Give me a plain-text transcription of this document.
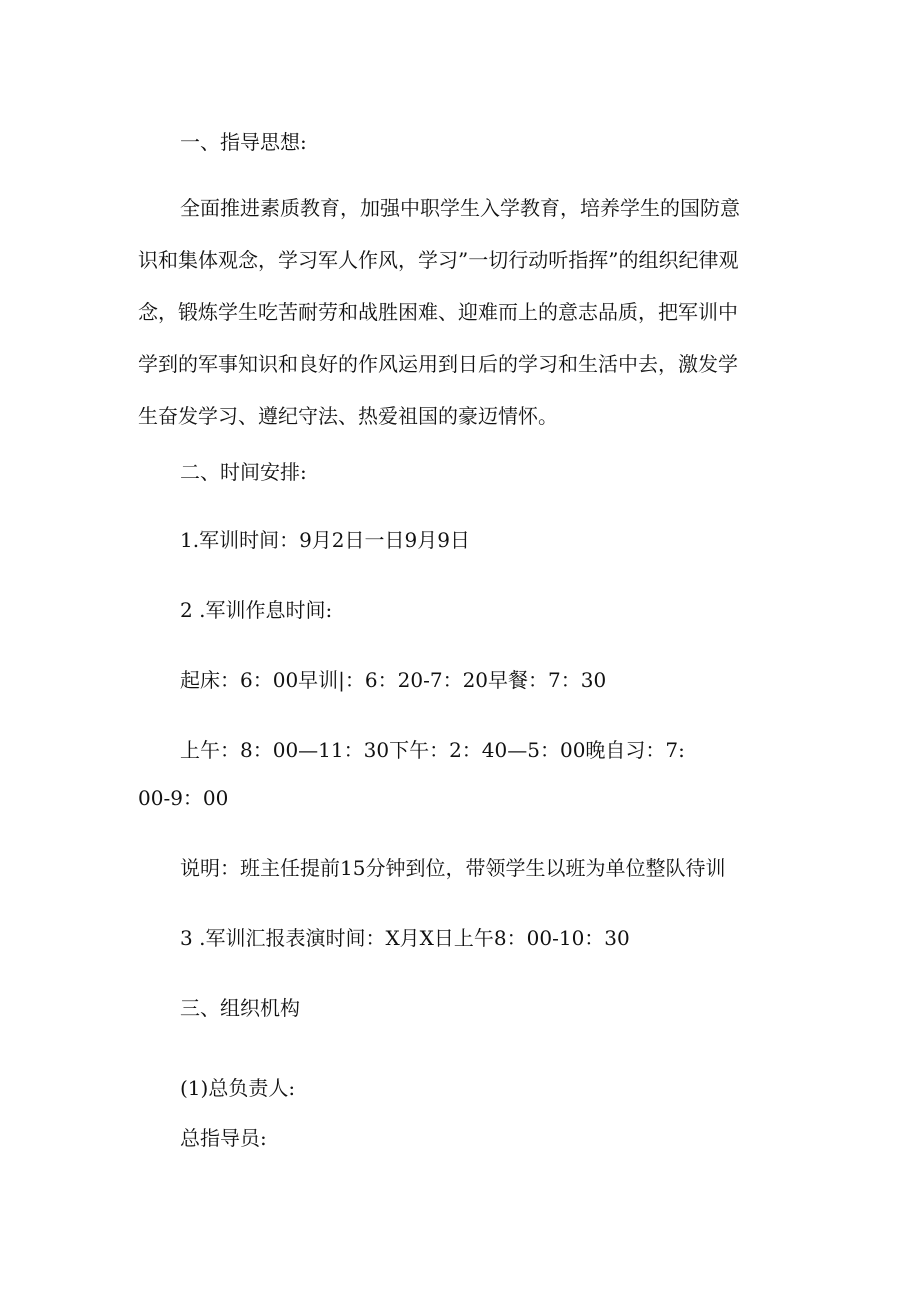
一、指导思想:

全面推进素质教育，加强中职学生入学教育，培养学生的国防意识和集体观念，学习军人作风，学习”一切行动听指挥”的组织纪律观念，锻炼学生吃苦耐劳和战胜困难、迎难而上的意志品质，把军训中学到的军事知识和良好的作风运用到日后的学习和生活中去，激发学生奋发学习、遵纪守法、热爱祖国的豪迈情怀。

二、时间安排:

1.军训时间：9月2日一日9月9日

2 .军训作息时间:

起床：6：00早训|：6：20-7：20早餐：7：30

上午：8：00—11：30下午：2：40—5：00晚自习：7:

00-9：00

说明：班主任提前15分钟到位，带领学生以班为单位整队待训

3 .军训汇报表演时间：X月X日上午8：00-10：30

三、组织机构

(1)总负责人:

总指导员:
